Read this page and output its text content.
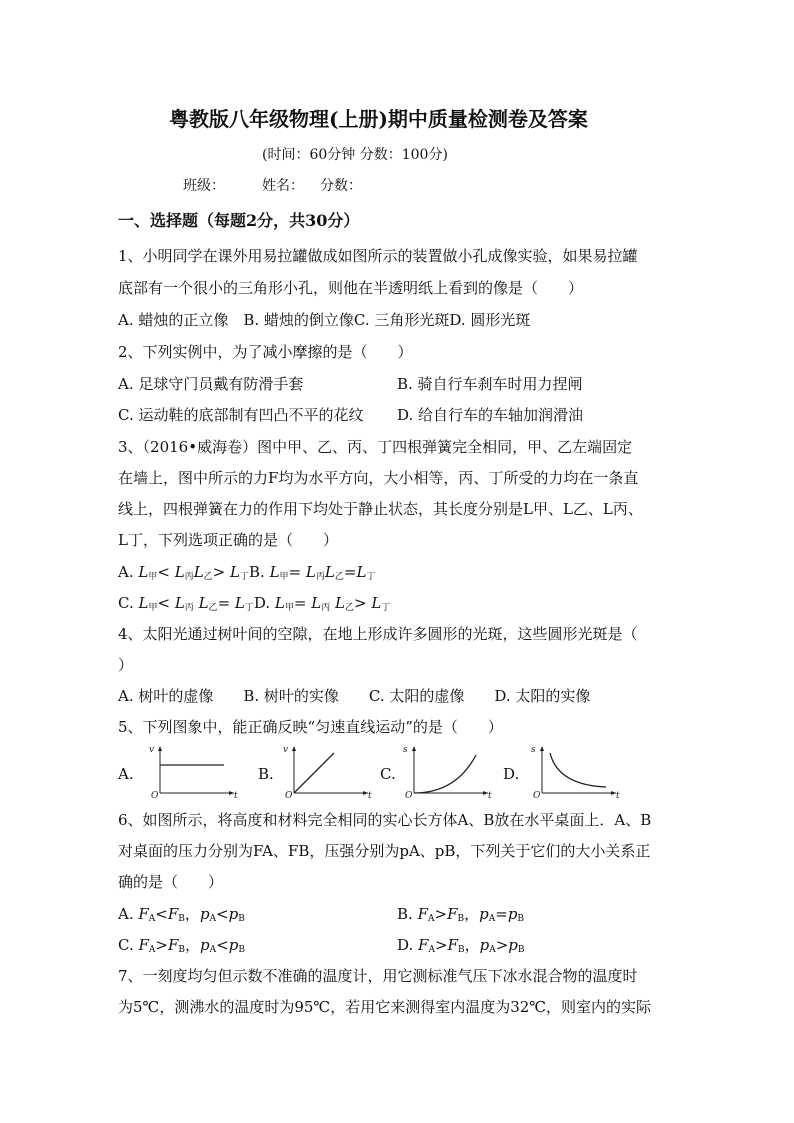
粤教版八年级物理(上册)期中质量检测卷及答案
(时间：60分钟 分数：100分)
班级：	姓名： 分数：
一、选择题（每题2分，共30分）
1、小明同学在课外用易拉罐做成如图所示的装置做小孔成像实验，如果易拉罐
底部有一个很小的三角形小孔，则他在半透明纸上看到的像是（　　）
A. 蜡烛的正立像　B. 蜡烛的倒立像C. 三角形光斑D. 圆形光斑
2、下列实例中，为了减小摩擦的是（　　）
A. 足球守门员戴有防滑手套	B. 骑自行车刹车时用力捏闸
C. 运动鞋的底部制有凹凸不平的花纹 D. 给自行车的车轴加润滑油
3、（2016•威海卷）图中甲、乙、丙、丁四根弹簧完全相同，甲、乙左端固定
在墙上，图中所示的力F均为水平方向，大小相等，丙、丁所受的力均在一条直
线上，四根弹簧在力的作用下均处于静止状态，其长度分别是L甲、L乙、L丙、
L丁，下列选项正确的是（　　）
A. $L_甲< L_丙L_乙> L_丁B$. $L_甲= L_丙L_乙=L_丁$
C. $L_甲< L_丙$ $L_乙= L_丁D$. $L_甲= L_丙$ $L_乙> L_丁$
4、太阳光通过树叶间的空隙，在地上形成许多圆形的光斑，这些圆形光斑是（
）
A. 树叶的虚像　　B. 树叶的实像　　C. 太阳的虚像　　D. 太阳的实像
5、下列图象中，能正确反映“匀速直线运动”的是（　　）
A.
v
O	t
B.
v
O	t
C.
s
O	t
D.
s
O	t
6、如图所示，将高度和材料完全相同的实心长方体A、B放在水平桌面上．A、B
对桌面的压力分别为FA、FB，压强分别为pA、pB，下列关于它们的大小关系正
确的是（　　）
A. $F_A<F_B$，$p_A<p_B$	B. $F_A>F_B$，$p_A=p_B$
C. $F_A>F_B$，$p_A<p_B$	D. $F_A>F_B$，$p_A>p_B$
7、一刻度均匀但示数不准确的温度计，用它测标准气压下冰水混合物的温度时
为5℃，测沸水的温度时为95℃，若用它来测得室内温度为32℃，则室内的实际
